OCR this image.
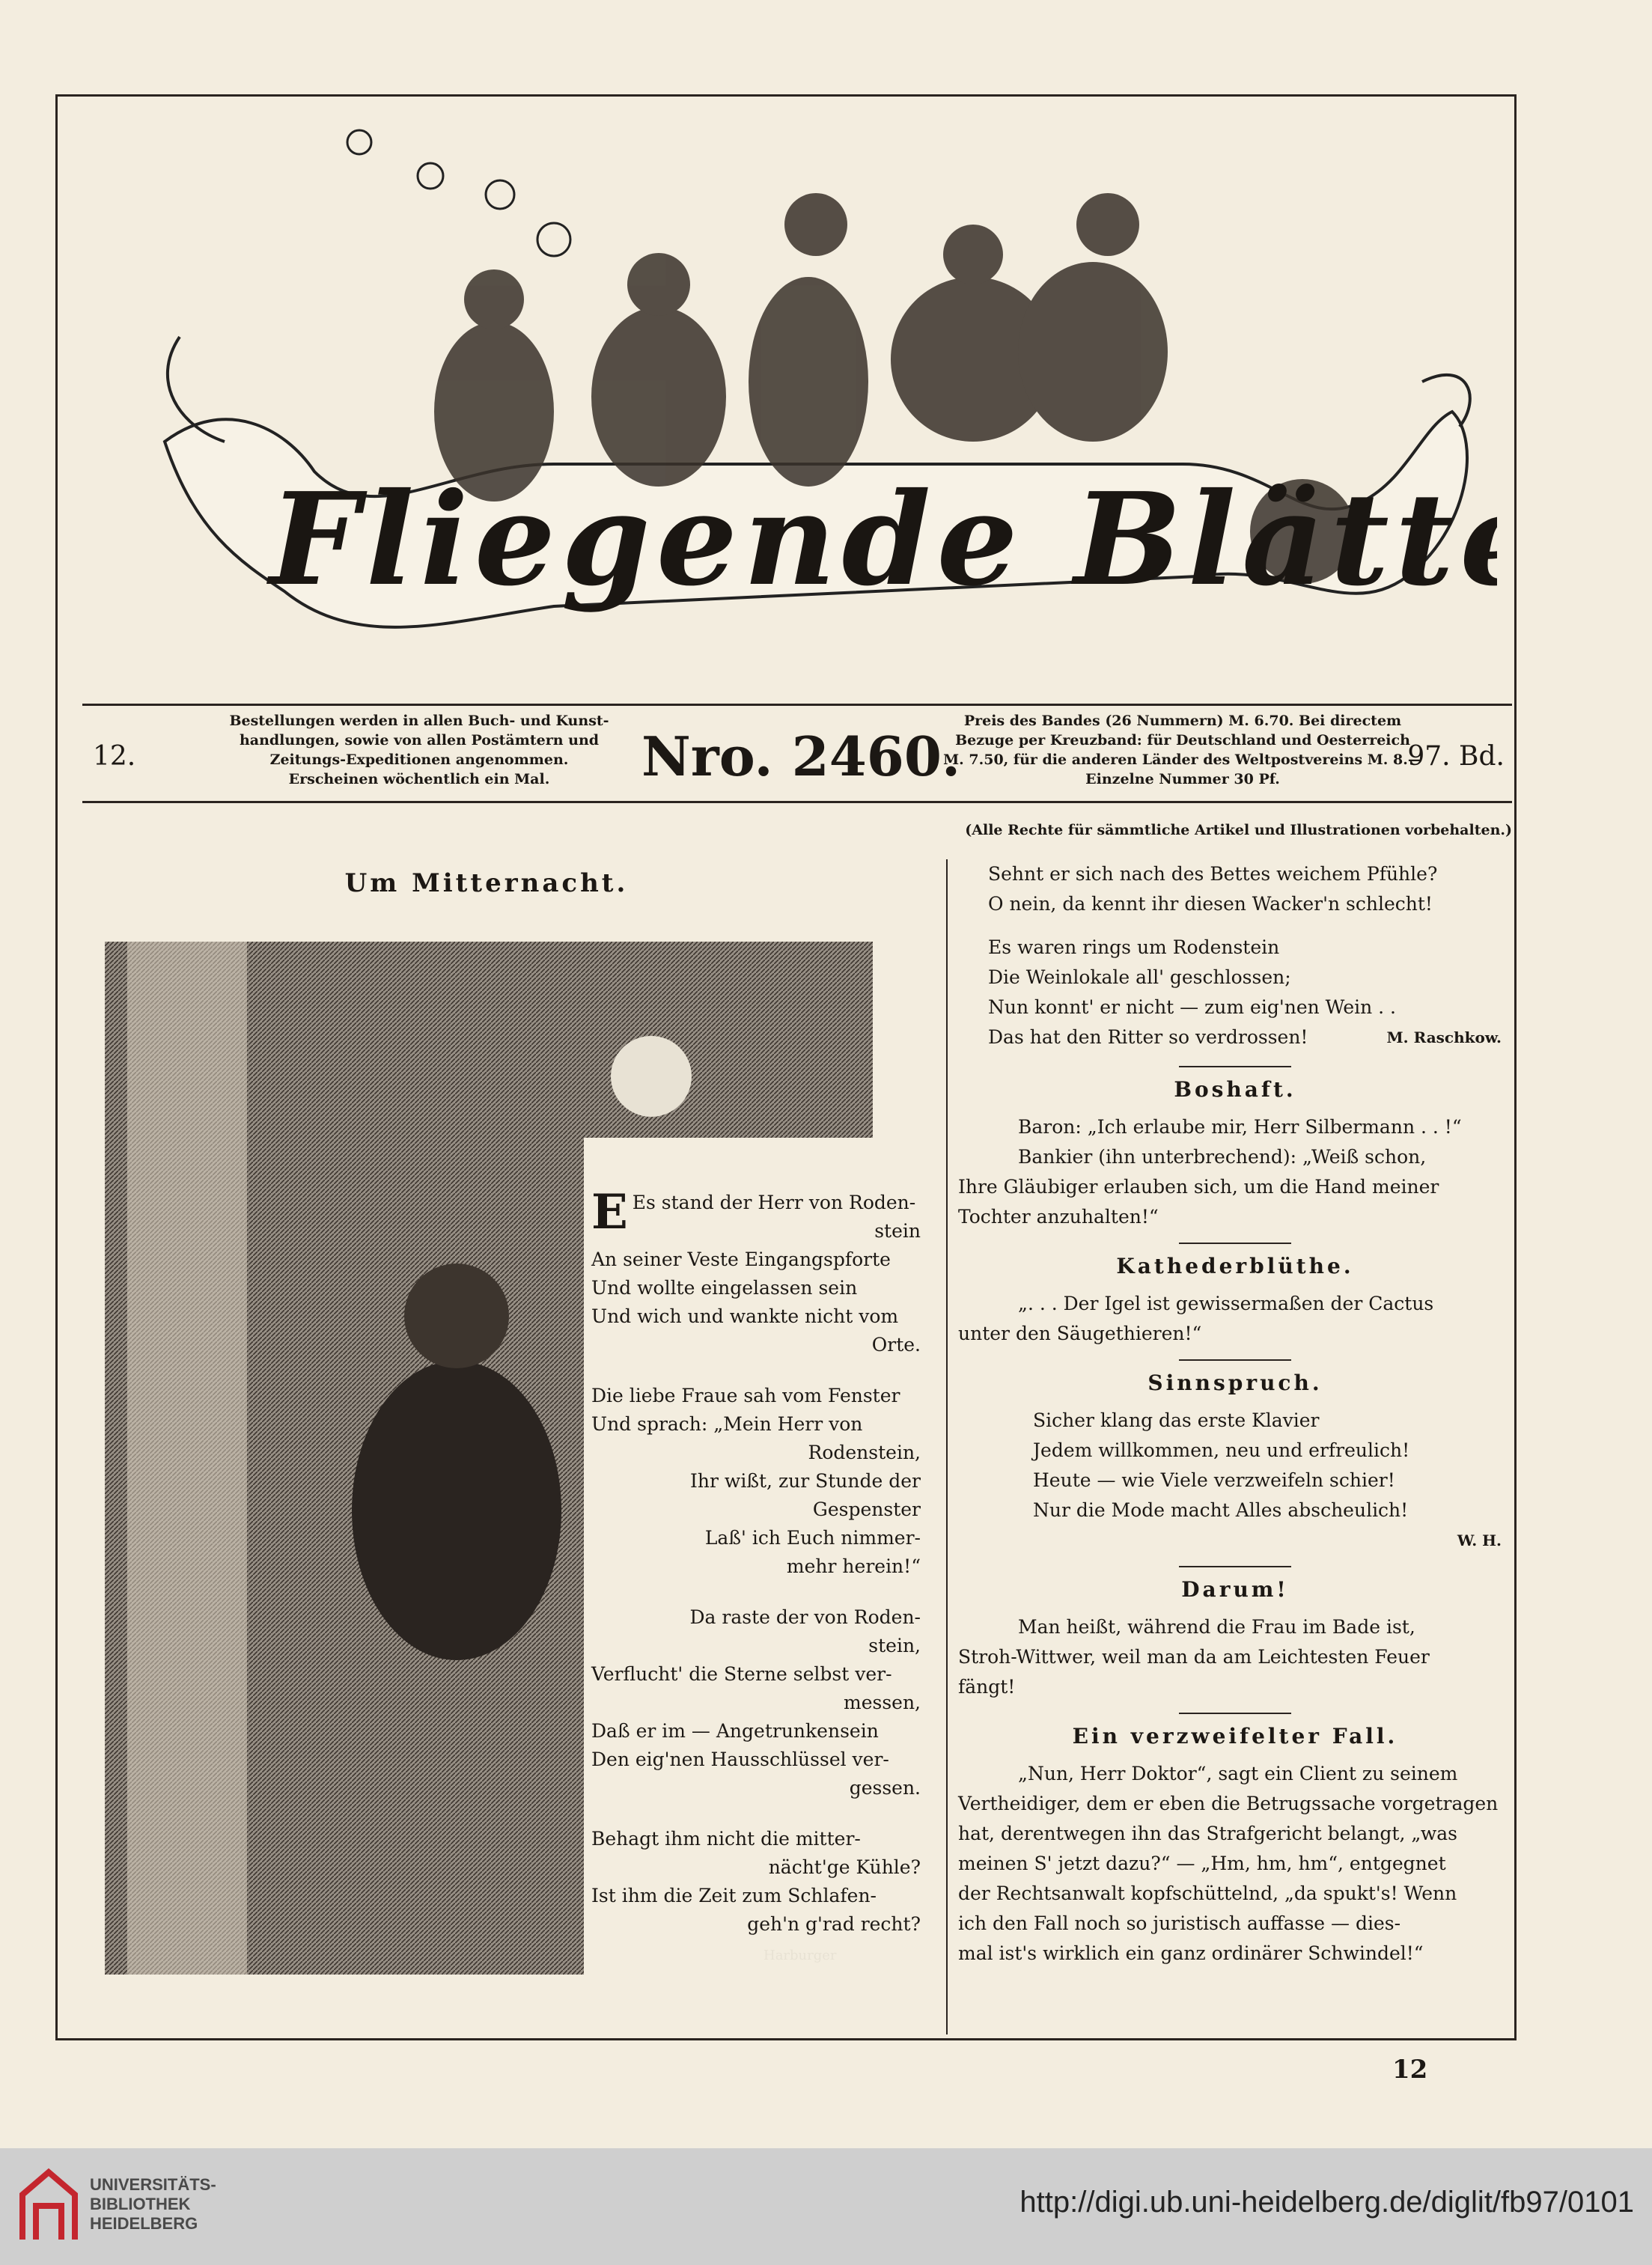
Fliegende Blätter
12.
Bestellungen werden in allen Buch- und Kunst-
handlungen, sowie von allen Postämtern und
Zeitungs-Expeditionen angenommen.
Erscheinen wöchentlich ein Mal.	Nro. 2460.
Preis des Bandes (26 Nummern) M. 6.70. Bei directem
Bezuge per Kreuzband: für Deutschland und Oesterreich
M. 7.50, für die anderen Länder des Weltpostvereins M. 8.—
Einzelne Nummer 30 Pf.
97. Bd.
(Alle Rechte für sämmtliche Artikel und Illustrationen vorbehalten.)
Um Mitternacht.
Harburger

E Es stand der Herr von Roden-
stein
An seiner Veste Eingangspforte
Und wollte eingelassen sein
Und wich und wankte nicht vom
Orte.

Die liebe Fraue sah vom Fenster
Und sprach: „Mein Herr von
Rodenstein,
Ihr wißt, zur Stunde der
Gespenster
Laß' ich Euch nimmer-
mehr herein!“

Da raste der von Roden-
stein,
Verflucht' die Sterne selbst ver-
messen,
Daß er im — Angetrunkensein
Den eig'nen Hausschlüssel ver-
gessen.

Behagt ihm nicht die mitter-
nächt'ge Kühle?
Ist ihm die Zeit zum Schlafen-
geh'n g'rad recht?

Sehnt er sich nach des Bettes weichem Pfühle?
O nein, da kennt ihr diesen Wacker'n schlecht!

Es waren rings um Rodenstein
Die Weinlokale all' geschlossen;
Nun konnt' er nicht — zum eig'nen Wein . .
Das hat den Ritter so verdrossen!	M. Raschkow.

Boshaft.
Baron: „Ich erlaube mir, Herr Silbermann . . !“
Bankier (ihn unterbrechend): „Weiß schon,
Ihre Gläubiger erlauben sich, um die Hand meiner
Tochter anzuhalten!“
Kathederblüthe.
„. . . Der Igel ist gewissermaßen der Cactus
unter den Säugethieren!“
Sinnspruch.
Sicher klang das erste Klavier
Jedem willkommen, neu und erfreulich!
Heute — wie Viele verzweifeln schier!
Nur die Mode macht Alles abscheulich!
W. H.
Darum!
Man heißt, während die Frau im Bade ist,
Stroh-Wittwer, weil man da am Leichtesten Feuer
fängt!
Ein verzweifelter Fall.
„Nun, Herr Doktor“, sagt ein Client zu seinem
Vertheidiger, dem er eben die Betrugssache vorgetragen
hat, derentwegen ihn das Strafgericht belangt, „was
meinen S' jetzt dazu?“ — „Hm, hm, hm“, entgegnet
der Rechtsanwalt kopfschüttelnd, „da spukt's! Wenn
ich den Fall noch so juristisch auffasse — dies-
mal ist's wirklich ein ganz ordinärer Schwindel!“
12
UNIVERSITÄTS-
BIBLIOTHEK
HEIDELBERG
http://digi.ub.uni-heidelberg.de/diglit/fb97/0101
